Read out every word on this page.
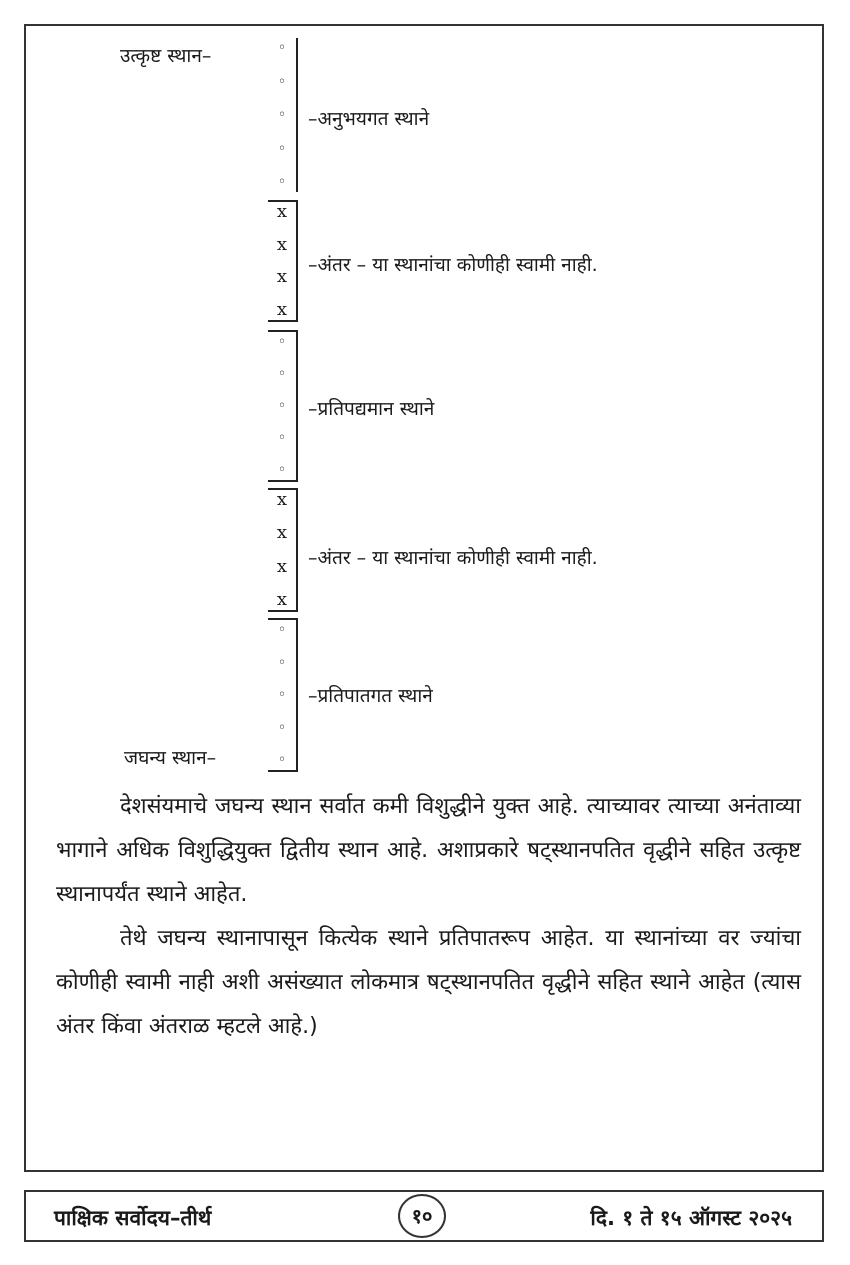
उत्कृष्ट स्थान–
जघन्य स्थान–
◦
◦
◦
◦
◦
–अनुभयगत स्थाने
x
x
x
x
–अंतर – या स्थानांचा कोणीही स्वामी नाही.
◦
◦
◦
◦
◦
–प्रतिपद्यमान स्थाने
x
x
x
x
–अंतर – या स्थानांचा कोणीही स्वामी नाही.
◦
◦
◦
◦
◦
–प्रतिपातगत स्थाने

देशसंयमाचे जघन्य स्थान सर्वात कमी विशुद्धीने युक्त आहे. त्याच्यावर त्याच्या अनंताव्या भागाने अधिक विशुद्धियुक्त द्वितीय स्थान आहे. अशाप्रकारे षट्स्थानपतित वृद्धीने सहित उत्कृष्ट स्थानापर्यंत स्थाने आहेत.

तेथे जघन्य स्थानापासून कित्येक स्थाने प्रतिपातरूप आहेत. या स्थानांच्या वर ज्यांचा कोणीही स्वामी नाही अशी असंख्यात लोकमात्र षट्स्थानपतित वृद्धीने सहित स्थाने आहेत (त्यास अंतर किंवा अंतराळ म्हटले आहे.)

पाक्षिक सर्वोदय–तीर्थ	१०	दि. १ ते १५ ऑगस्ट २०२५
